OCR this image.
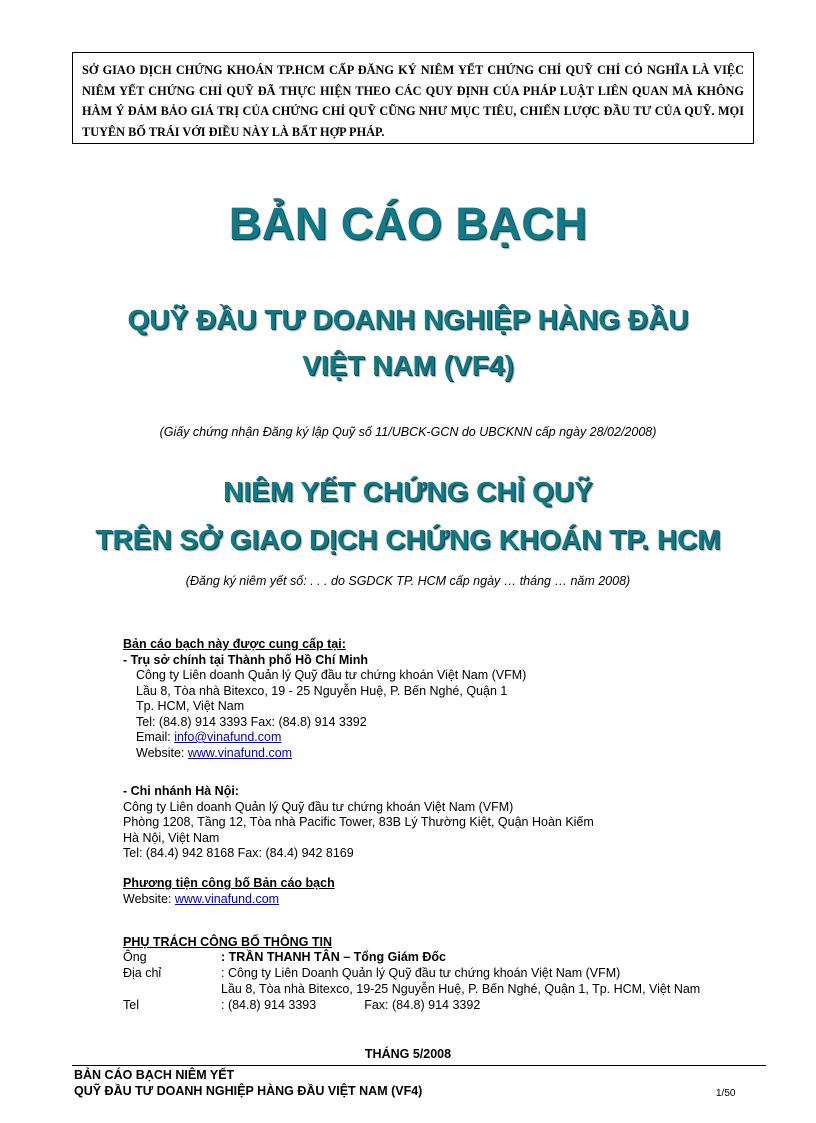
SỞ GIAO DỊCH CHỨNG KHOÁN TP.HCM CẤP ĐĂNG KÝ NIÊM YẾT CHỨNG CHỈ QUỸ CHỈ CÓ NGHĨA LÀ VIỆC NIÊM YẾT CHỨNG CHỈ QUỸ ĐÃ THỰC HIỆN THEO CÁC QUY ĐỊNH CỦA PHÁP LUẬT LIÊN QUAN MÀ KHÔNG HÀM Ý ĐẢM BẢO GIÁ TRỊ CỦA CHỨNG CHỈ QUỸ CŨNG NHƯ MỤC TIÊU, CHIẾN LƯỢC ĐẦU TƯ CỦA QUỸ. MỌI TUYÊN BỐ TRÁI VỚI ĐIỀU NÀY LÀ BẤT HỢP PHÁP.
BẢN CÁO BẠCH
QUỸ ĐẦU TƯ DOANH NGHIỆP HÀNG ĐẦU
VIỆT NAM (VF4)
(Giấy chứng nhận Đăng ký lập Quỹ số 11/UBCK-GCN do UBCKNN cấp ngày 28/02/2008)
NIÊM YẾT CHỨNG CHỈ QUỸ
TRÊN SỞ GIAO DỊCH CHỨNG KHOÁN TP. HCM
(Đăng ký niêm yết số: . . . do SGDCK TP. HCM cấp ngày … tháng … năm 2008)
Bản cáo bạch này được cung cấp tại:
- Trụ sở chính tại Thành phố Hồ Chí Minh
Công ty Liên doanh Quản lý Quỹ đầu tư chứng khoán Việt Nam (VFM)
Lầu 8, Tòa nhà Bitexco, 19 - 25 Nguyễn Huệ, P. Bến Nghé, Quận 1
Tp. HCM, Việt Nam
Tel: (84.8) 914 3393 Fax: (84.8) 914 3392
Email: info@vinafund.com
Website: www.vinafund.com
- Chi nhánh Hà Nội:
Công ty Liên doanh Quản lý Quỹ đầu tư chứng khoán Việt Nam (VFM)
Phòng 1208, Tầng 12, Tòa nhà Pacific Tower, 83B Lý Thường Kiệt, Quận Hoàn Kiếm
Hà Nội, Việt Nam
Tel: (84.4) 942 8168 Fax: (84.4) 942 8169
Phương tiện công bố Bản cáo bạch
Website: www.vinafund.com
PHỤ TRÁCH CÔNG BỐ THÔNG TIN
Ông	: TRẦN THANH TÂN – Tổng Giám Đốc
Địa chỉ	: Công ty Liên Doanh Quản lý Quỹ đầu tư chứng khoán Việt Nam (VFM)
Lầu 8, Tòa nhà Bitexco, 19-25 Nguyễn Huệ, P. Bến Nghé, Quận 1, Tp. HCM, Việt Nam
Tel	: (84.8) 914 3393	Fax: (84.8) 914 3392
THÁNG 5/2008
BẢN CÁO BẠCH NIÊM YẾT
QUỸ ĐẦU TƯ DOANH NGHIỆP HÀNG ĐẦU VIỆT NAM (VF4)	1/50
